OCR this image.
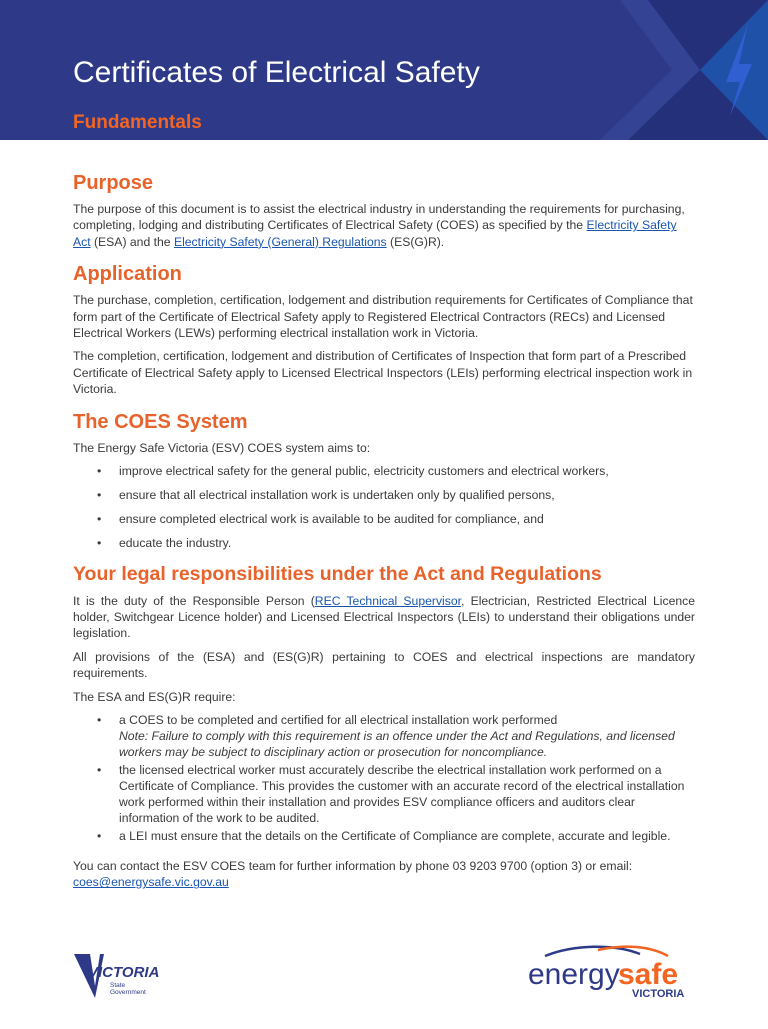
Certificates of Electrical Safety
Fundamentals
Purpose

The purpose of this document is to assist the electrical industry in understanding the requirements for purchasing, completing, lodging and distributing Certificates of Electrical Safety (COES) as specified by the Electricity Safety Act (ESA) and the Electricity Safety (General) Regulations (ES(G)R).

Application

The purchase, completion, certification, lodgement and distribution requirements for Certificates of Compliance that form part of the Certificate of Electrical Safety apply to Registered Electrical Contractors (RECs) and Licensed Electrical Workers (LEWs) performing electrical installation work in Victoria.

The completion, certification, lodgement and distribution of Certificates of Inspection that form part of a Prescribed Certificate of Electrical Safety apply to Licensed Electrical Inspectors (LEIs) performing electrical inspection work in Victoria.

The COES System

The Energy Safe Victoria (ESV) COES system aims to:

• improve electrical safety for the general public, electricity customers and electrical workers,
• ensure that all electrical installation work is undertaken only by qualified persons,
• ensure completed electrical work is available to be audited for compliance, and
• educate the industry.
Your legal responsibilities under the Act and Regulations

It is the duty of the Responsible Person (REC Technical Supervisor, Electrician, Restricted Electrical Licence holder, Switchgear Licence holder) and Licensed Electrical Inspectors (LEIs) to understand their obligations under legislation.

All provisions of the (ESA) and (ES(G)R) pertaining to COES and electrical inspections are mandatory requirements.

The ESA and ES(G)R require:

• a COES to be completed and certified for all electrical installation work performed
Note: Failure to comply with this requirement is an offence under the Act and Regulations, and licensed workers may be subject to disciplinary action or prosecution for noncompliance.
• the licensed electrical worker must accurately describe the electrical installation work performed on a Certificate of Compliance. This provides the customer with an accurate record of the electrical installation work performed within their installation and provides ESV compliance officers and auditors clear information of the work to be audited.
• a LEI must ensure that the details on the Certificate of Compliance are complete, accurate and legible.

You can contact the ESV COES team for further information by phone 03 9203 9700 (option 3) or email: coes@energysafe.vic.gov.au

VICTORIA
State
Government
energy
safe
VICTORIA
